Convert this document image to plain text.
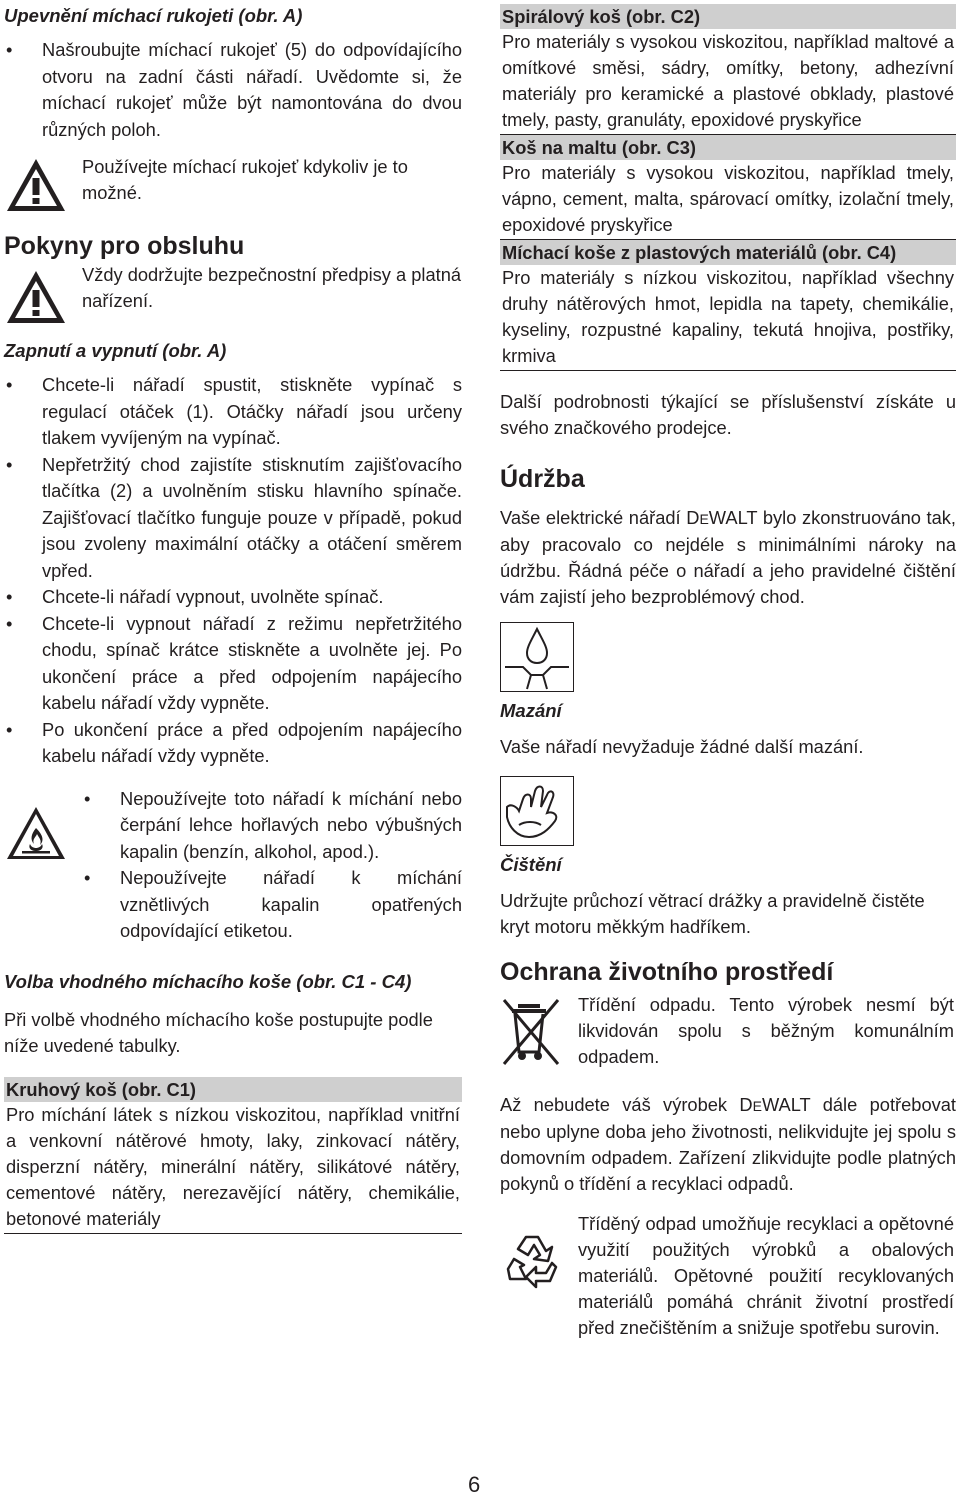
Upevnění míchací rukojeti (obr. A)

• Našroubujte míchací rukojeť (5) do odpovídajícího otvoru na zadní části nářadí. Uvědomte si, že míchací rukojeť může být namontována do dvou různých poloh.

Používejte míchací rukojeť kdykoliv je to možné.

Pokyny pro obsluhu

Vždy dodržujte bezpečnostní předpisy a platná nařízení.

Zapnutí a vypnutí (obr. A)

• Chcete-li nářadí spustit, stiskněte vypínač s regulací otáček (1). Otáčky nářadí jsou určeny tlakem vyvíjeným na vypínač.
• Nepřetržitý chod zajistíte stisknutím zajišťovacího tlačítka (2) a uvolněním stisku hlavního spínače. Zajišťovací tlačítko funguje pouze v případě, pokud jsou zvoleny maximální otáčky a otáčení směrem vpřed.
• Chcete-li nářadí vypnout, uvolněte spínač.
• Chcete-li vypnout nářadí z režimu nepřetržitého chodu, spínač krátce stiskněte a uvolněte jej. Po ukončení práce a před odpojením napájecího kabelu nářadí vždy vypněte.
• Po ukončení práce a před odpojením napájecího kabelu nářadí vždy vypněte.
• Nepoužívejte toto nářadí k míchání nebo čerpání lehce hořlavých nebo výbušných kapalin (benzín, alkohol, apod.).
• Nepoužívejte nářadí k míchání vznětlivých kapalin opatřených odpovídající etiketou.

Volba vhodného míchacího koše (obr. C1 - C4)

Při volbě vhodného míchacího koše postupujte podle níže uvedené tabulky.

Kruhový koš (obr. C1)
Pro míchání látek s nízkou viskozitou, například vnitřní a venkovní nátěrové hmoty, laky, zinkovací nátěry, disperzní nátěry, minerální nátěry, silikátové nátěry, cementové nátěry, nerezavějící nátěry, chemikálie, betonové materiály
Spirálový koš (obr. C2)
Pro materiály s vysokou viskozitou, například maltové a omítkové směsi, sádry, omítky, betony, adhezívní materiály pro keramické a plastové obklady, plastové tmely, pasty, granuláty, epoxidové pryskyřice
Koš na maltu (obr. C3)
Pro materiály s vysokou viskozitou, například tmely, vápno, cement, malta, spárovací omítky, izolační tmely, epoxidové pryskyřice
Míchací koše z plastových materiálů (obr. C4)
Pro materiály s nízkou viskozitou, například všechny druhy nátěrových hmot, lepidla na tapety, chemikálie, kyseliny, rozpustné kapaliny, tekutá hnojiva, postřiky, krmiva

Další podrobnosti týkající se příslušenství získáte u svého značkového prodejce.

Údržba

Vaše elektrické nářadí DEWALT bylo zkonstruováno tak, aby pracovalo co nejdéle s minimálními nároky na údržbu. Řádná péče o nářadí a jeho pravidelné čištění vám zajistí jeho bezproblémový chod.

Mazání

Vaše nářadí nevyžaduje žádné další mazání.

Čištění

Udržujte průchozí větrací drážky a pravidelně čistěte kryt motoru měkkým hadříkem.

Ochrana životního prostředí

Třídění odpadu. Tento výrobek nesmí být likvidován spolu s běžným komunálním odpadem.

Až nebudete váš výrobek DEWALT dále potřebovat nebo uplyne doba jeho životnosti, nelikvidujte jej spolu s domovním odpadem. Zařízení zlikvidujte podle platných pokynů o třídění a recyklaci odpadů.

Tříděný odpad umožňuje recyklaci a opětovné využití použitých výrobků a obalových materiálů. Opětovné použití recyklovaných materiálů pomáhá chránit životní prostředí před znečištěním a snižuje spotřebu surovin.

6
